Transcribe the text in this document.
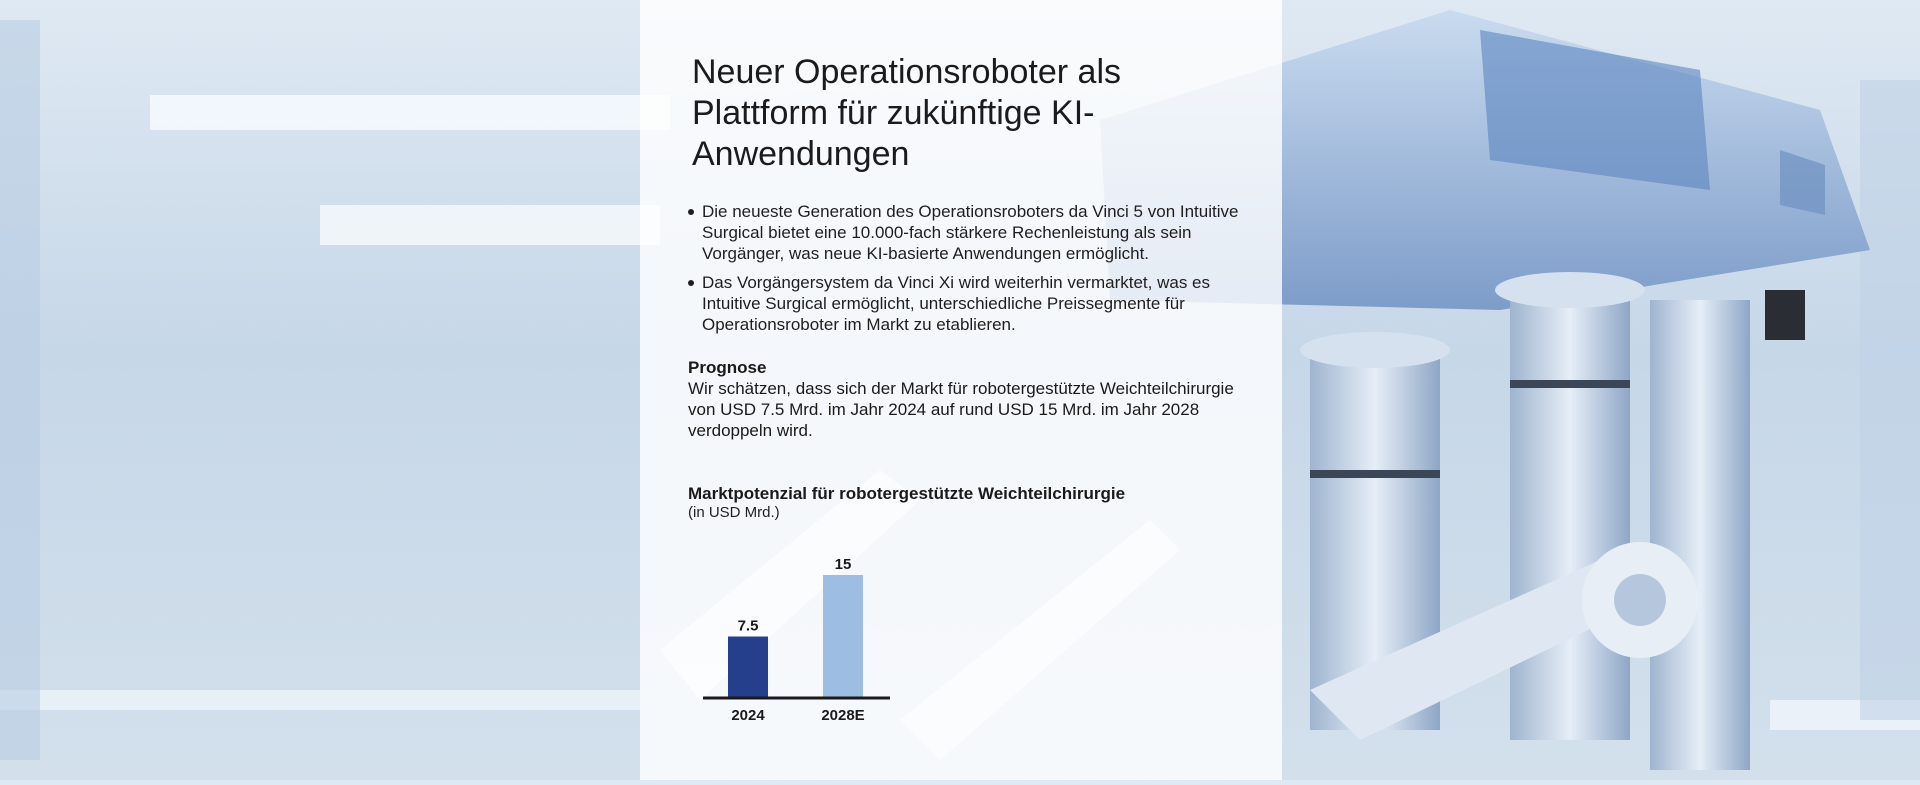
Neuer Operationsroboter als Plattform für zukünftige KI-Anwendungen
Die neueste Generation des Operationsroboters da Vinci 5 von Intuitive Surgical bietet eine 10.000-fach stärkere Rechenleistung als sein Vorgänger, was neue KI-basierte Anwendungen ermöglicht.
Das Vorgängersystem da Vinci Xi wird weiterhin vermarktet, was es Intuitive Surgical ermöglicht, unterschiedliche Preissegmente für Operationsroboter im Markt zu etablieren.
Prognose
Wir schätzen, dass sich der Markt für robotergestützte Weichteilchirurgie von USD 7.5 Mrd. im Jahr 2024 auf rund USD 15 Mrd. im Jahr 2028 verdoppeln wird.
Marktpotenzial für robotergestützte Weichteilchirurgie
(in USD Mrd.)
7.5
15
2024	2028E
